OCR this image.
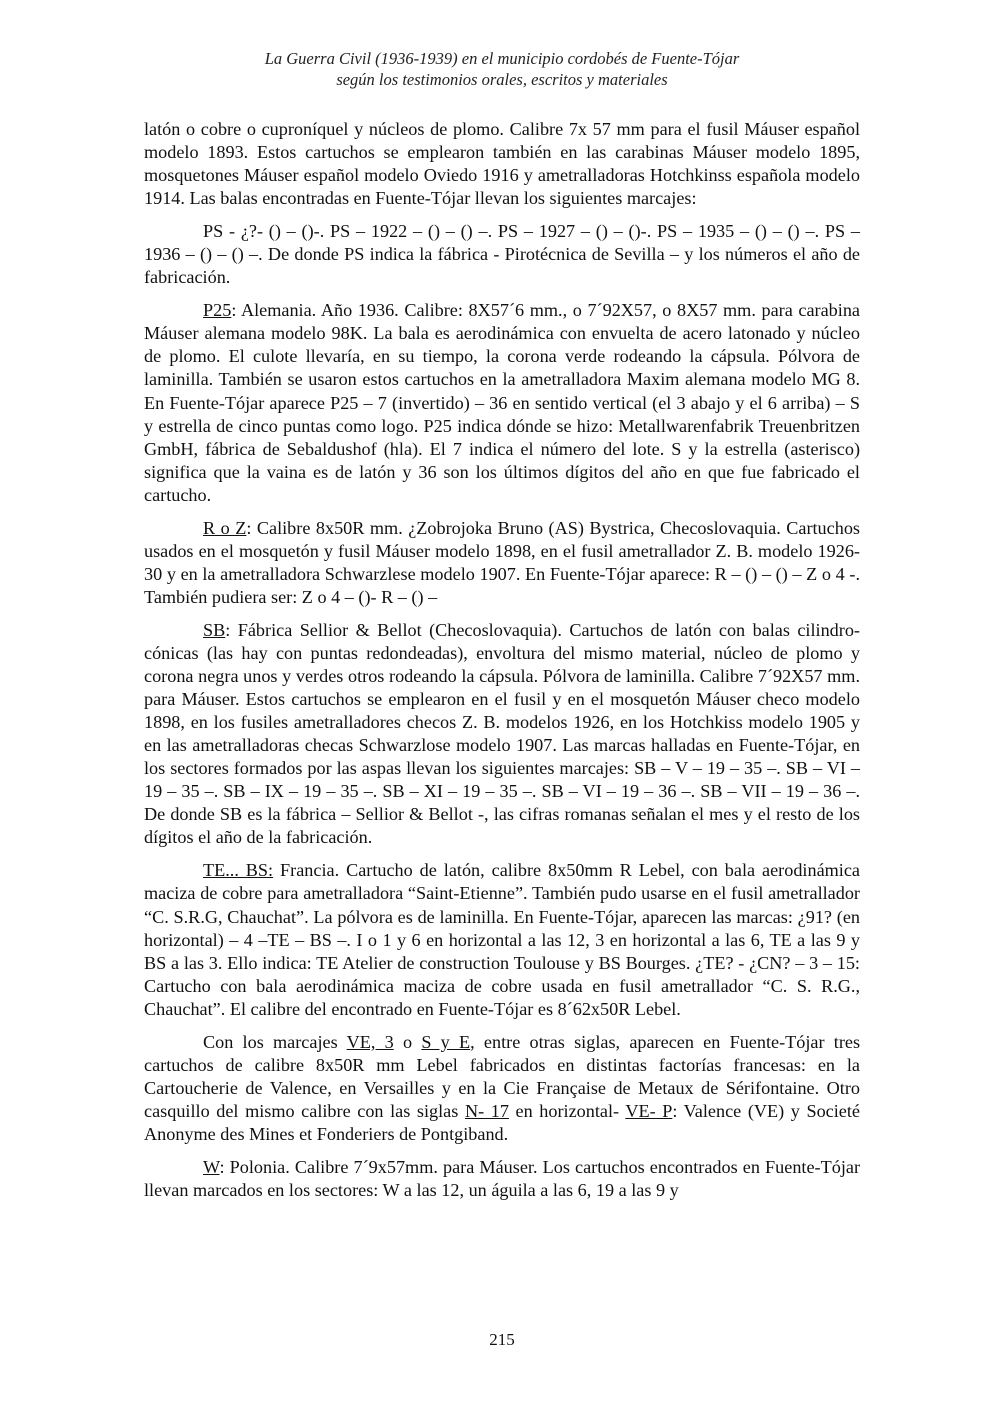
La Guerra Civil (1936-1939) en el municipio cordobés de Fuente-Tójar
según los testimonios orales, escritos y materiales

latón o cobre o cuproníquel y núcleos de plomo. Calibre 7x 57 mm para el fusil Máuser español modelo 1893. Estos cartuchos se emplearon también en las carabinas Máuser modelo 1895, mosquetones Máuser español modelo Oviedo 1916 y ametralladoras Hotchkinss española modelo 1914. Las balas encontradas en Fuente-Tójar llevan los siguientes marcajes:

PS - ¿?- () – ()-. PS – 1922 – () – () –. PS – 1927 – () – ()-. PS – 1935 – () – () –. PS – 1936 – () – () –. De donde PS indica la fábrica - Pirotécnica de Sevilla – y los números el año de fabricación.

P25: Alemania. Año 1936. Calibre: 8X57´6 mm., o 7´92X57, o 8X57 mm. para carabina Máuser alemana modelo 98K. La bala es aerodinámica con envuelta de acero latonado y núcleo de plomo. El culote llevaría, en su tiempo, la corona verde rodeando la cápsula. Pólvora de laminilla. También se usaron estos cartuchos en la ametralladora Maxim alemana modelo MG 8. En Fuente-Tójar aparece P25 – 7 (invertido) – 36 en sentido vertical (el 3 abajo y el 6 arriba) – S y estrella de cinco puntas como logo. P25 indica dónde se hizo: Metallwarenfabrik Treuenbritzen GmbH, fábrica de Sebaldushof (hla). El 7 indica el número del lote. S y la estrella (asterisco) significa que la vaina es de latón y 36 son los últimos dígitos del año en que fue fabricado el cartucho.

R o Z: Calibre 8x50R mm. ¿Zobrojoka Bruno (AS) Bystrica, Checoslovaquia. Cartuchos usados en el mosquetón y fusil Máuser modelo 1898, en el fusil ametrallador Z. B. modelo 1926-30 y en la ametralladora Schwarzlese modelo 1907. En Fuente-Tójar aparece: R – () – () – Z o 4 -. También pudiera ser: Z o 4 – ()- R – () –

SB: Fábrica Sellior & Bellot (Checoslovaquia). Cartuchos de latón con balas cilindro-cónicas (las hay con puntas redondeadas), envoltura del mismo material, núcleo de plomo y corona negra unos y verdes otros rodeando la cápsula. Pólvora de laminilla. Calibre 7´92X57 mm. para Máuser. Estos cartuchos se emplearon en el fusil y en el mosquetón Máuser checo modelo 1898, en los fusiles ametralladores checos Z. B. modelos 1926, en los Hotchkiss modelo 1905 y en las ametralladoras checas Schwarzlose modelo 1907. Las marcas halladas en Fuente-Tójar, en los sectores formados por las aspas llevan los siguientes marcajes: SB – V – 19 – 35 –. SB – VI – 19 – 35 –. SB – IX – 19 – 35 –. SB – XI – 19 – 35 –. SB – VI – 19 – 36 –. SB – VII – 19 – 36 –. De donde SB es la fábrica – Sellior & Bellot -, las cifras romanas señalan el mes y el resto de los dígitos el año de la fabricación.

TE... BS: Francia. Cartucho de latón, calibre 8x50mm R Lebel, con bala aerodinámica maciza de cobre para ametralladora “Saint-Etienne”. También pudo usarse en el fusil ametrallador “C. S.R.G, Chauchat”. La pólvora es de laminilla. En Fuente-Tójar, aparecen las marcas: ¿91? (en horizontal) – 4 –TE – BS –. I o 1 y 6 en horizontal a las 12, 3 en horizontal a las 6, TE a las 9 y BS a las 3. Ello indica: TE Atelier de construction Toulouse y BS Bourges. ¿TE? - ¿CN? – 3 – 15: Cartucho con bala aerodinámica maciza de cobre usada en fusil ametrallador “C. S. R.G., Chauchat”. El calibre del encontrado en Fuente-Tójar es 8´62x50R Lebel.

Con los marcajes VE, 3 o S y E, entre otras siglas, aparecen en Fuente-Tójar tres cartuchos de calibre 8x50R mm Lebel fabricados en distintas factorías francesas: en la Cartoucherie de Valence, en Versailles y en la Cie Française de Metaux de Sérifontaine. Otro casquillo del mismo calibre con las siglas N- 17 en horizontal- VE- P: Valence (VE) y Societé Anonyme des Mines et Fonderiers de Pontgiband.

W: Polonia. Calibre 7´9x57mm. para Máuser. Los cartuchos encontrados en Fuente-Tójar llevan marcados en los sectores: W a las 12, un águila a las 6, 19 a las 9 y

215
